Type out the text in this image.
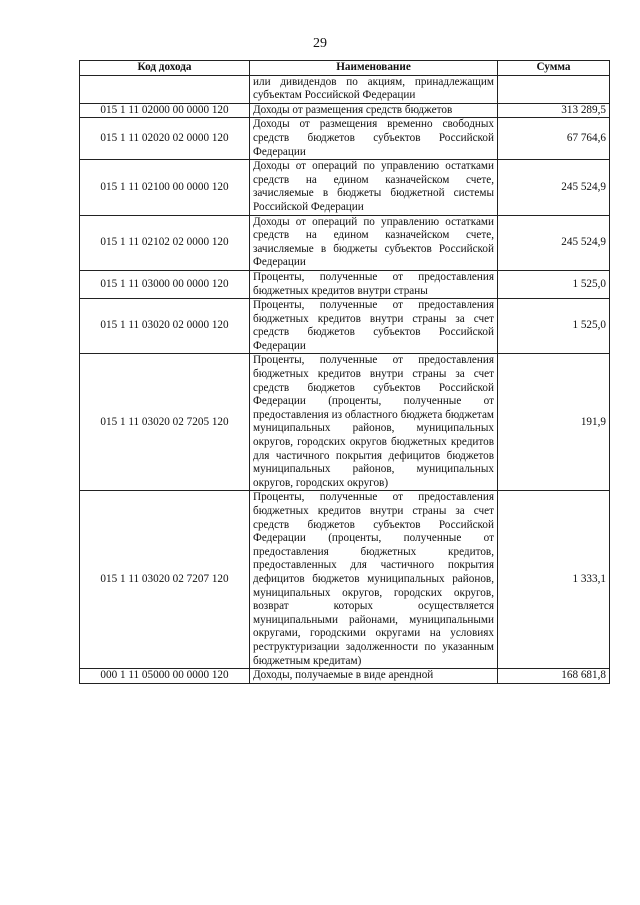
29
Код дохода	Наименование	Сумма
	или дивидендов по акциям, принадлежащим субъектам Российской Федерации	
015 1 11 02000 00 0000 120	Доходы от размещения средств бюджетов	313 289,5
015 1 11 02020 02 0000 120	Доходы от размещения временно свободных средств бюджетов субъектов Российской Федерации	67 764,6
015 1 11 02100 00 0000 120	Доходы от операций по управлению остатками средств на едином казначейском счете, зачисляемые в бюджеты бюджетной системы Российской Федерации	245 524,9
015 1 11 02102 02 0000 120	Доходы от операций по управлению остатками средств на едином казначейском счете, зачисляемые в бюджеты субъектов Российской Федерации	245 524,9
015 1 11 03000 00 0000 120	Проценты, полученные от предоставления бюджетных кредитов внутри страны	1 525,0
015 1 11 03020 02 0000 120	Проценты, полученные от предоставления бюджетных кредитов внутри страны за счет средств бюджетов субъектов Российской Федерации	1 525,0
015 1 11 03020 02 7205 120	Проценты, полученные от предоставления бюджетных кредитов внутри страны за счет средств бюджетов субъектов Российской Федерации (проценты, полученные от предоставления из областного бюджета бюджетам муниципальных районов, муниципальных округов, городских округов бюджетных кредитов для частичного покрытия дефицитов бюджетов муниципальных районов, муниципальных округов, городских округов)	191,9
015 1 11 03020 02 7207 120	Проценты, полученные от предоставления бюджетных кредитов внутри страны за счет средств бюджетов субъектов Российской Федерации (проценты, полученные от предоставления бюджетных кредитов, предоставленных для частичного покрытия дефицитов бюджетов муниципальных районов, муниципальных округов, городских округов, возврат которых осуществляется муниципальными районами, муниципальными округами, городскими округами на условиях реструктуризации задолженности по указанным бюджетным кредитам)	1 333,1
000 1 11 05000 00 0000 120	Доходы, получаемые в виде арендной	168 681,8
